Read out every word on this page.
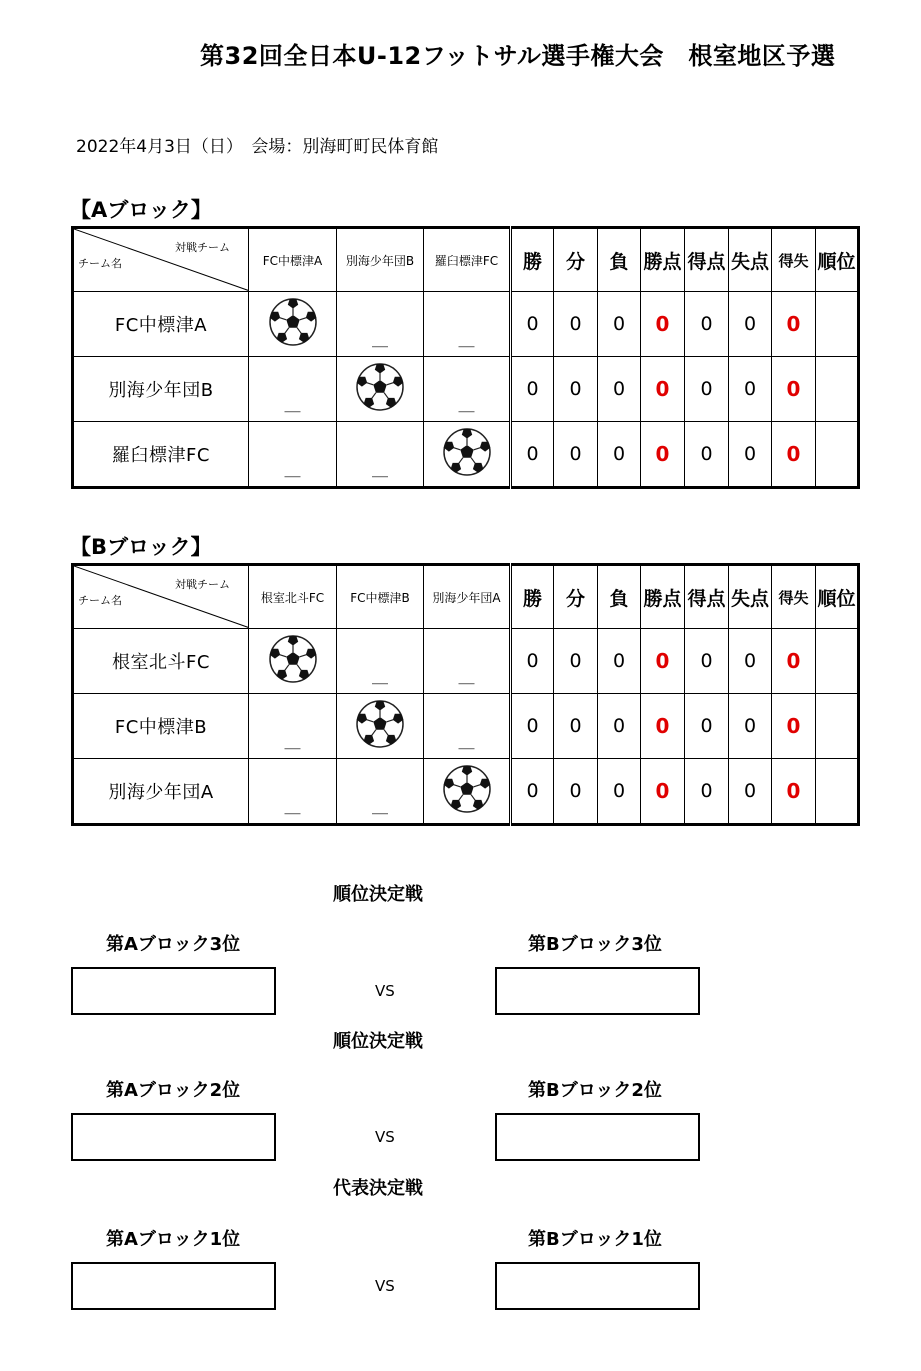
第32回全日本U-12フットサル選手権大会　根室地区予選
2022年4月3日（日）　会場：別海町町民体育館
【Aブロック】
対戦チーム
チーム名	FC中標津A	別海少年団B	羅臼標津FC	勝	分	負	勝点	得点	失点	得失	順位
FC中標津A		＿	＿	0	0	0	0	0	0	0	
別海少年団B	＿		＿	0	0	0	0	0	0	0	
羅臼標津FC	＿	＿		0	0	0	0	0	0	0	
【Bブロック】
対戦チーム
チーム名	根室北斗FC	FC中標津B	別海少年団A	勝	分	負	勝点	得点	失点	得失	順位
根室北斗FC		＿	＿	0	0	0	0	0	0	0	
FC中標津B	＿		＿	0	0	0	0	0	0	0	
別海少年団A	＿	＿		0	0	0	0	0	0	0	
順位決定戦
第Aブロック3位	第Bブロック3位
VS
順位決定戦
第Aブロック2位	第Bブロック2位
VS
代表決定戦
第Aブロック1位	第Bブロック1位
VS
